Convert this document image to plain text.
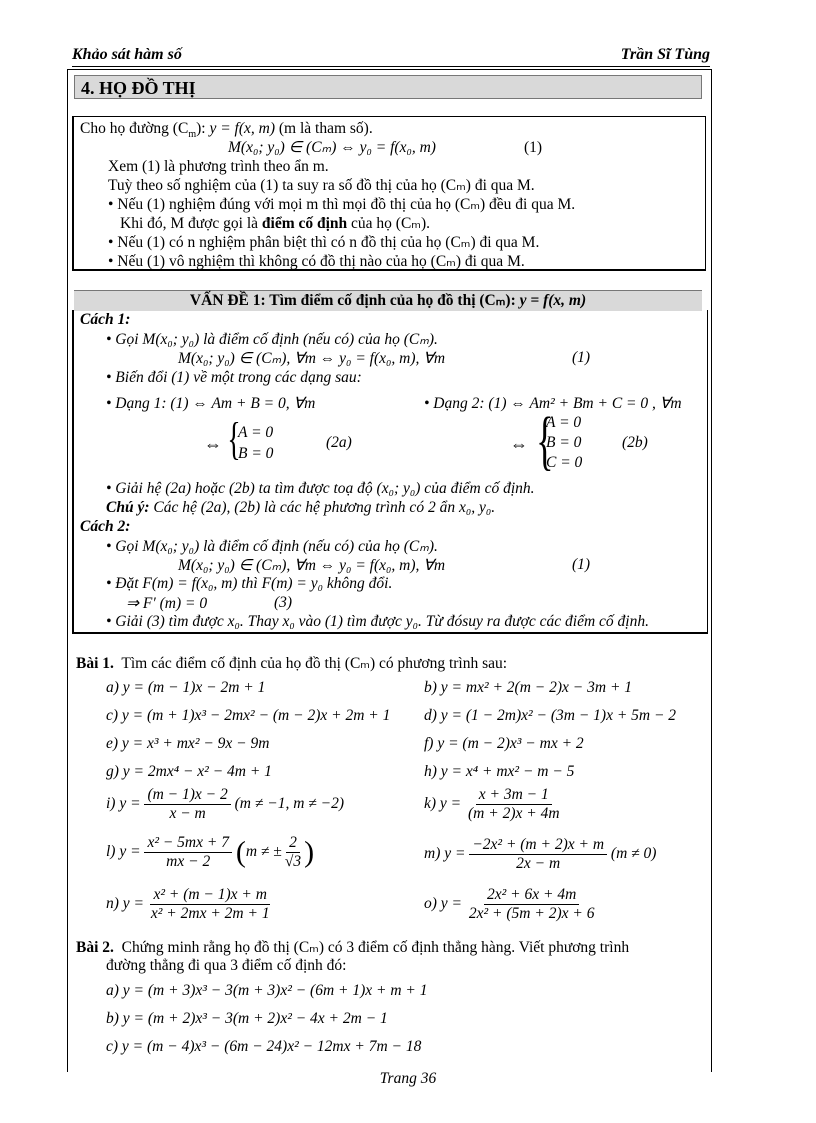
Khảo sát hàm số	Trần Sĩ Tùng
4. HỌ ĐỒ THỊ
Cho họ đường $(C_m)$: y = f(x, m) (m là tham số).
M(x₀; y₀) ∈ (Cₘ) ⇔ y₀ = f(x₀, m)	(1)
Xem (1) là phương trình theo ẩn m.
Tuỳ theo số nghiệm của (1) ta suy ra số đồ thị của họ (Cₘ) đi qua M.
• Nếu (1) nghiệm đúng với mọi m thì mọi đồ thị của họ (Cₘ) đều đi qua M.
Khi đó, M được gọi là điểm cố định của họ (Cₘ).
• Nếu (1) có n nghiệm phân biệt thì có n đồ thị của họ (Cₘ) đi qua M.
• Nếu (1) vô nghiệm thì không có đồ thị nào của họ (Cₘ) đi qua M.
VẤN ĐỀ 1: Tìm điểm cố định của họ đồ thị (Cₘ): y = f(x, m)
Cách 1:
• Gọi M(x₀; y₀) là điểm cố định (nếu có) của họ (Cₘ).
M(x₀; y₀) ∈ (Cₘ), ∀m ⇔ y₀ = f(x₀, m), ∀m	(1)
• Biến đổi (1) về một trong các dạng sau:
• Dạng 1: (1) ⇔ Am + B = 0, ∀m	• Dạng 2: (1) ⇔ Am² + Bm + C = 0 , ∀m
⇔ {
A = 0
B = 0
(2a)	⇔ {
A = 0
B = 0
C = 0
(2b)
• Giải hệ (2a) hoặc (2b) ta tìm được toạ độ (x₀; y₀) của điểm cố định.
Chú ý: Các hệ (2a), (2b) là các hệ phương trình có 2 ẩn x₀, y₀.
Cách 2:
• Gọi M(x₀; y₀) là điểm cố định (nếu có) của họ (Cₘ).
M(x₀; y₀) ∈ (Cₘ), ∀m ⇔ y₀ = f(x₀, m), ∀m	(1)
• Đặt F(m) = f(x₀, m) thì F(m) = y₀ không đổi.
⇒ F′ (m) = 0	(3)
• Giải (3) tìm được x₀. Thay x₀ vào (1) tìm được y₀. Từ đósuy ra được các điểm cố định.
Bài 1. Tìm các điểm cố định của họ đồ thị (Cₘ) có phương trình sau:
a) y = (m − 1)x − 2m + 1	b) y = mx² + 2(m − 2)x − 3m + 1
c) y = (m + 1)x³ − 2mx² − (m − 2)x + 2m + 1 d) y = (1 − 2m)x² − (3m − 1)x + 5m − 2
e) y = x³ + mx² − 9x − 9m	f) y = (m − 2)x³ − mx + 2
g) y = 2mx⁴ − x² − 4m + 1	h) y = x⁴ + mx² − m − 5
i) $y = \frac{(m - 1)x - 2}{x - m} (m \ne -1$, m ≠ −2)	k) $y = \frac{x + 3m - 1}{(m + 2)x + 4m}$
l) $y = \frac{\text{x² − 5mx + 7}}{mx - 2} (m$ ≠ ± $\frac{2}{√3}$ )	m) $y = \frac{\text{−2x² + (m + 2)x + m}}{2x - m} (m \ne 0)$
n) $y = \frac{\text{x² + (m − 1)x + m}}{\text{x² + 2mx + 2m + 1}}$	o) $y = \frac{\text{2x² + 6x + 4m}}{\text{2x² + (5m + 2)x + 6}}$
Bài 2. Chứng minh rằng họ đồ thị (Cₘ) có 3 điểm cố định thẳng hàng. Viết phương trình
đường thẳng đi qua 3 điểm cố định đó:
a) y = (m + 3)x³ − 3(m + 3)x² − (6m + 1)x + m + 1
b) y = (m + 2)x³ − 3(m + 2)x² − 4x + 2m − 1
c) y = (m − 4)x³ − (6m − 24)x² − 12mx + 7m − 18
Trang 36
